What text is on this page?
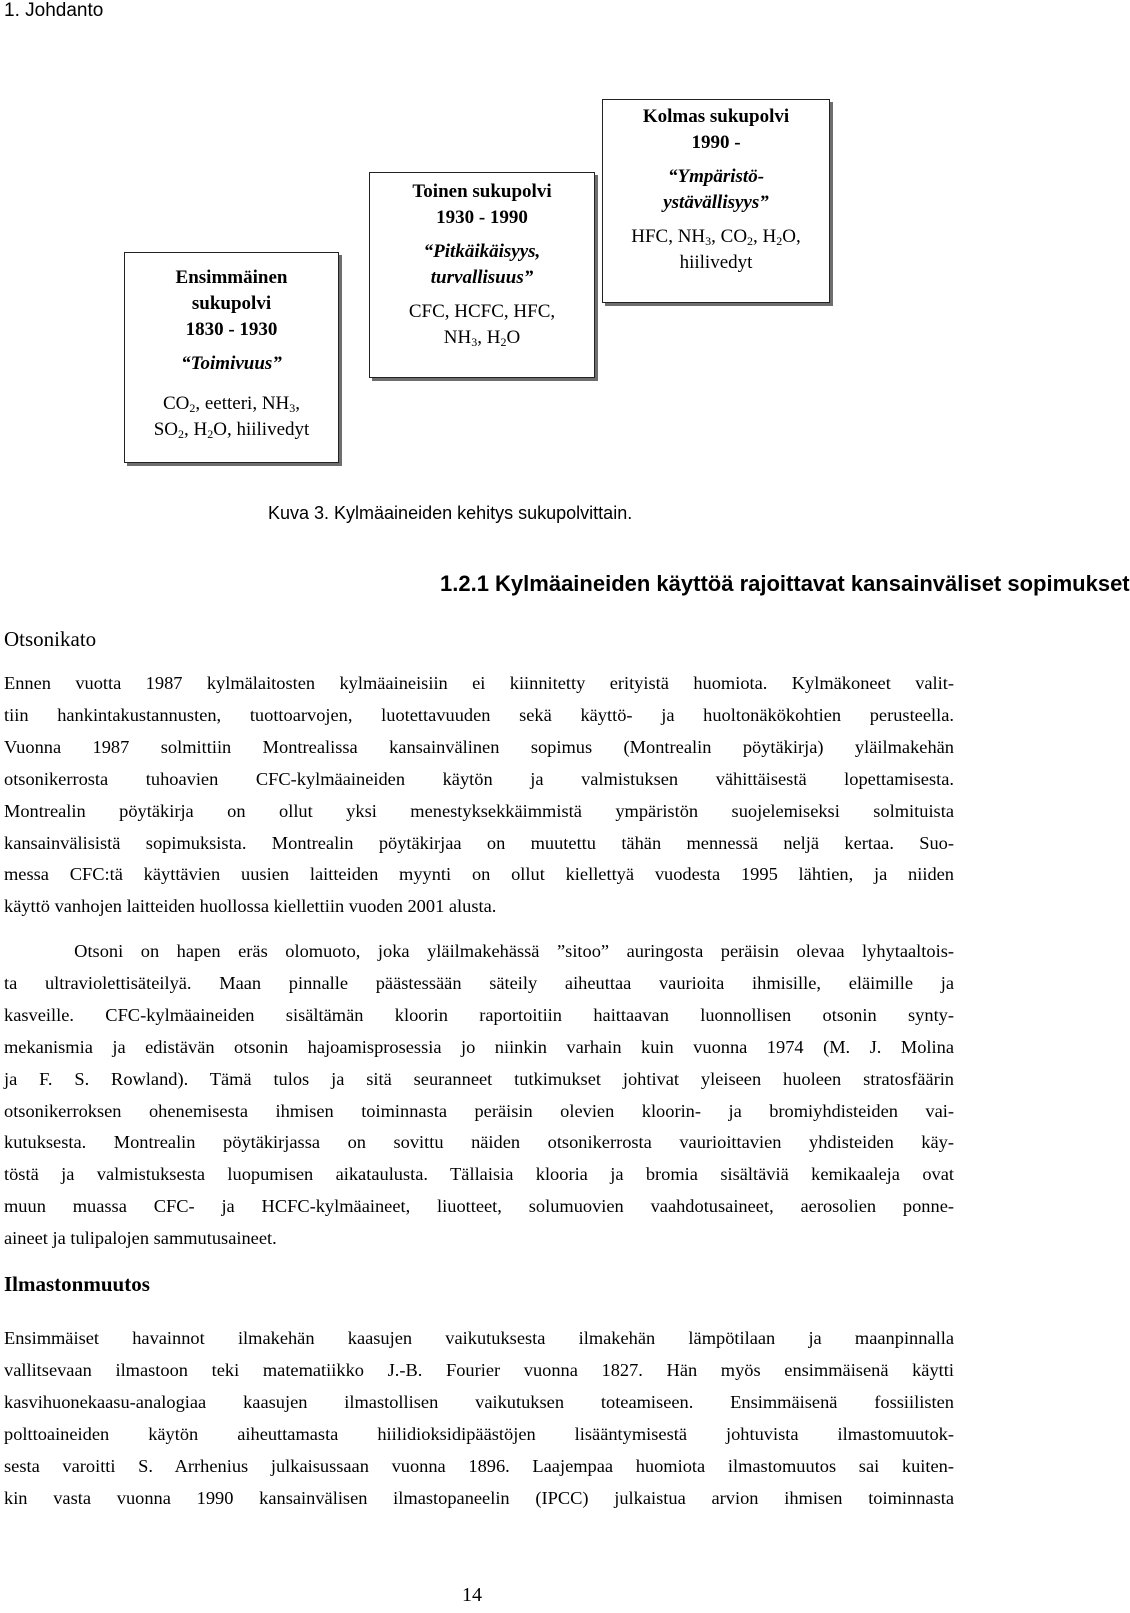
1. Johdanto
Ensimmäinen sukupolvi
1830 - 1930
“Toimivuus”
$CO_2$, eetteri, $NH_3$,
$SO_2$, $H_2O$, hiilivedyt
Toinen sukupolvi
1930 - 1990
“Pitkäikäisyys, turvallisuus”
CFC, HCFC, HFC,
$NH_3$, $H_2O$
Kolmas sukupolvi
1990 -
“Ympäristö- ystävällisyys”
HFC, $NH_3$, $CO_2$, $H_2O$,
hiilivedyt
Kuva 3. Kylmäaineiden kehitys sukupolvittain.
1.2.1 Kylmäaineiden käyttöä rajoittavat kansainväliset sopimukset
Otsonikato

Ennen vuotta 1987 kylmälaitosten kylmäaineisiin ei kiinnitetty erityistä huomiota. Kylmäkoneet valit-
tiin hankintakustannusten, tuottoarvojen, luotettavuuden sekä käyttö- ja huoltonäkökohtien perusteella.
Vuonna 1987 solmittiin Montrealissa kansainvälinen sopimus (Montrealin pöytäkirja) yläilmakehän
otsonikerrosta tuhoavien CFC-kylmäaineiden käytön ja valmistuksen vähittäisestä lopettamisesta.
Montrealin pöytäkirja on ollut yksi menestyksekkäimmistä ympäristön suojelemiseksi solmituista
kansainvälisistä sopimuksista. Montrealin pöytäkirjaa on muutettu tähän mennessä neljä kertaa. Suo-
messa CFC:tä käyttävien uusien laitteiden myynti on ollut kiellettyä vuodesta 1995 lähtien, ja niiden
käyttö vanhojen laitteiden huollossa kiellettiin vuoden 2001 alusta.

Otsoni on hapen eräs olomuoto, joka yläilmakehässä ”sitoo” auringosta peräisin olevaa lyhytaaltois-
ta ultraviolettisäteilyä. Maan pinnalle päästessään säteily aiheuttaa vaurioita ihmisille, eläimille ja
kasveille. CFC-kylmäaineiden sisältämän kloorin raportoitiin haittaavan luonnollisen otsonin synty-
mekanismia ja edistävän otsonin hajoamisprosessia jo niinkin varhain kuin vuonna 1974 (M. J. Molina
ja F. S. Rowland). Tämä tulos ja sitä seuranneet tutkimukset johtivat yleiseen huoleen stratosfäärin
otsonikerroksen ohenemisesta ihmisen toiminnasta peräisin olevien kloorin- ja bromiyhdisteiden vai-
kutuksesta. Montrealin pöytäkirjassa on sovittu näiden otsonikerrosta vaurioittavien yhdisteiden käy-
töstä ja valmistuksesta luopumisen aikataulusta. Tällaisia klooria ja bromia sisältäviä kemikaaleja ovat
muun muassa CFC- ja HCFC-kylmäaineet, liuotteet, solumuovien vaahdotusaineet, aerosolien ponne-
aineet ja tulipalojen sammutusaineet.

Ilmastonmuutos

Ensimmäiset havainnot ilmakehän kaasujen vaikutuksesta ilmakehän lämpötilaan ja maanpinnalla
vallitsevaan ilmastoon teki matematiikko J.-B. Fourier vuonna 1827. Hän myös ensimmäisenä käytti
kasvihuonekaasu-analogiaa kaasujen ilmastollisen vaikutuksen toteamiseen. Ensimmäisenä fossiilisten
polttoaineiden käytön aiheuttamasta hiilidioksidipäästöjen lisääntymisestä johtuvista ilmastomuutok-
sesta varoitti S. Arrhenius julkaisussaan vuonna 1896. Laajempaa huomiota ilmastomuutos sai kuiten-
kin vasta vuonna 1990 kansainvälisen ilmastopaneelin (IPCC) julkaistua arvion ihmisen toiminnasta

14
